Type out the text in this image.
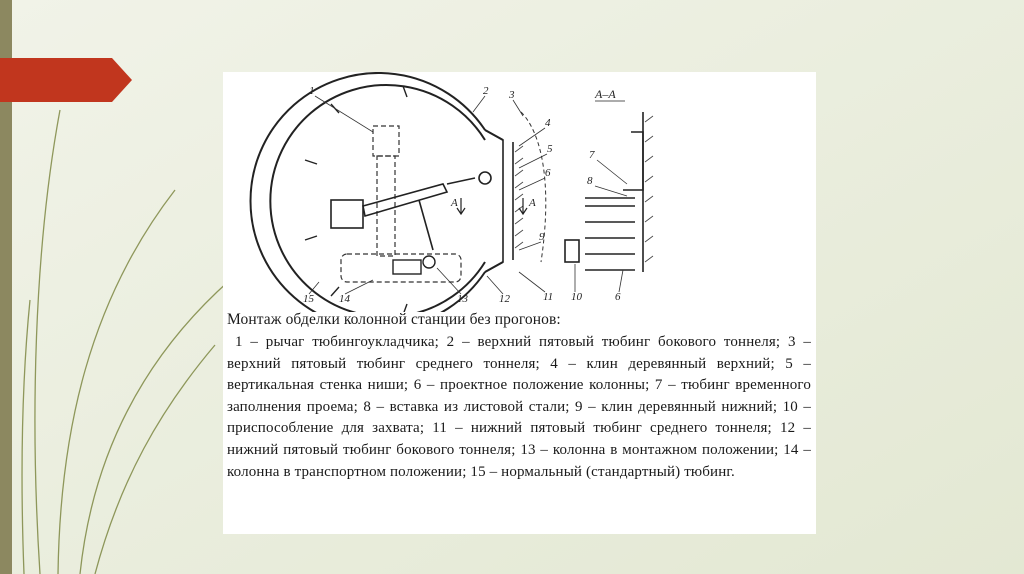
А	А
А–А
1	2 3
4
5
6
7
8
9
10
11
12
13
14
15	6
Монтаж обделки колонной станции без прогонов:
1 – рычаг тюбингоукладчика; 2 – верхний пятовый тюбинг бокового тоннеля; 3 – верхний пятовый тюбинг среднего тоннеля; 4 – клин деревянный верхний; 5 – вертикальная стенка ниши; 6 – проектное положение колонны; 7 – тюбинг временного заполнения проема; 8 – вставка из листовой стали; 9 – клин деревянный нижний; 10 – приспособление для захвата; 11 – нижний пятовый тюбинг среднего тоннеля; 12 – нижний пятовый тюбинг бокового тоннеля; 13 – колонна в монтажном положении; 14 – колонна в транспортном положении; 15 – нормальный (стандартный) тюбинг.
